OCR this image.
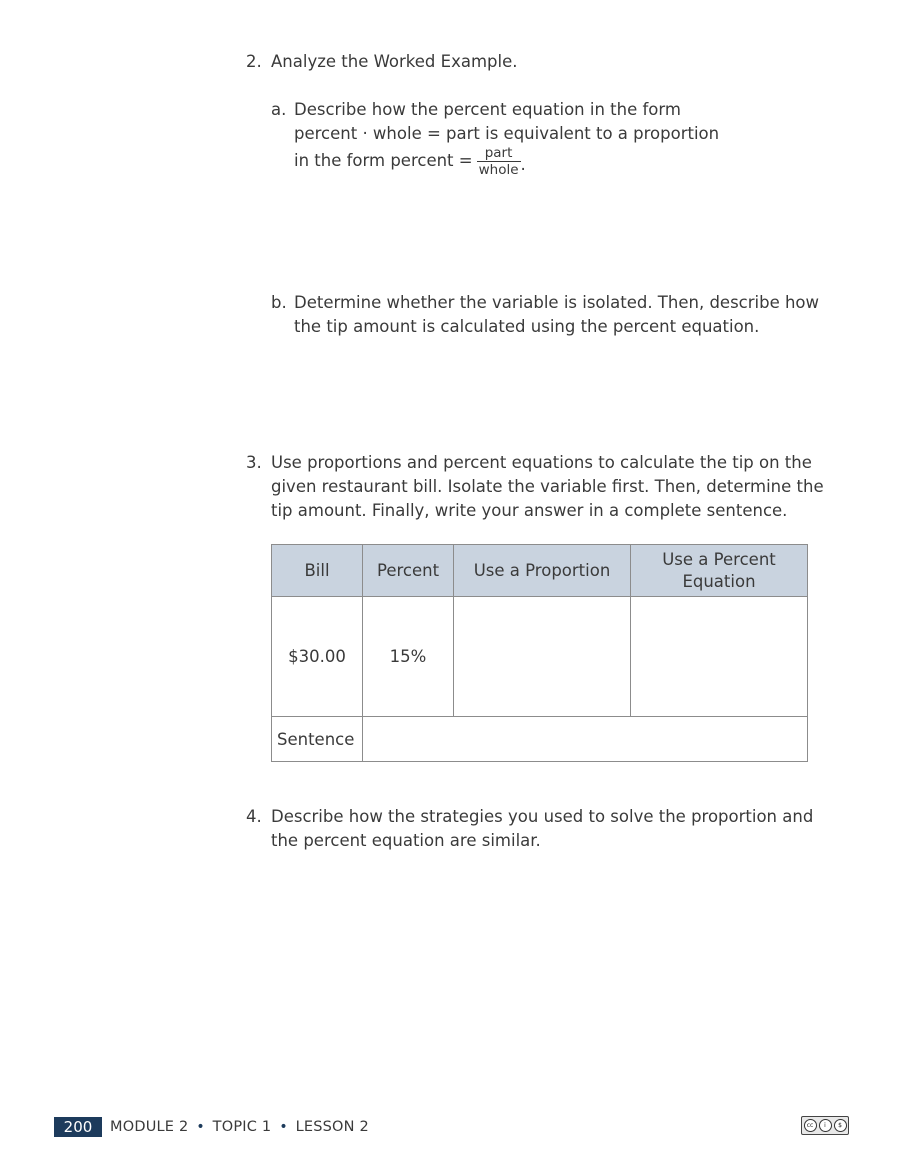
2. Analyze the Worked Example.
a. Describe how the percent equation in the form
percent · whole = part is equivalent to a proportion
in the form percent = $\frac{\text{part}}{\text{whole}}$ .
b. Determine whether the variable is isolated. Then, describe how
the tip amount is calculated using the percent equation.
3. Use proportions and percent equations to calculate the tip on the
given restaurant bill. Isolate the variable first. Then, determine the
tip amount. Finally, write your answer in a complete sentence.
Bill	Percent	Use a Proportion	Use a Percent
Equation
$30.00	15%		
Sentence			
4. Describe how the strategies you used to solve the proportion and
the percent equation are similar.
200	MODULE 2 • TOPIC 1 • LESSON 2	cc	i	$
